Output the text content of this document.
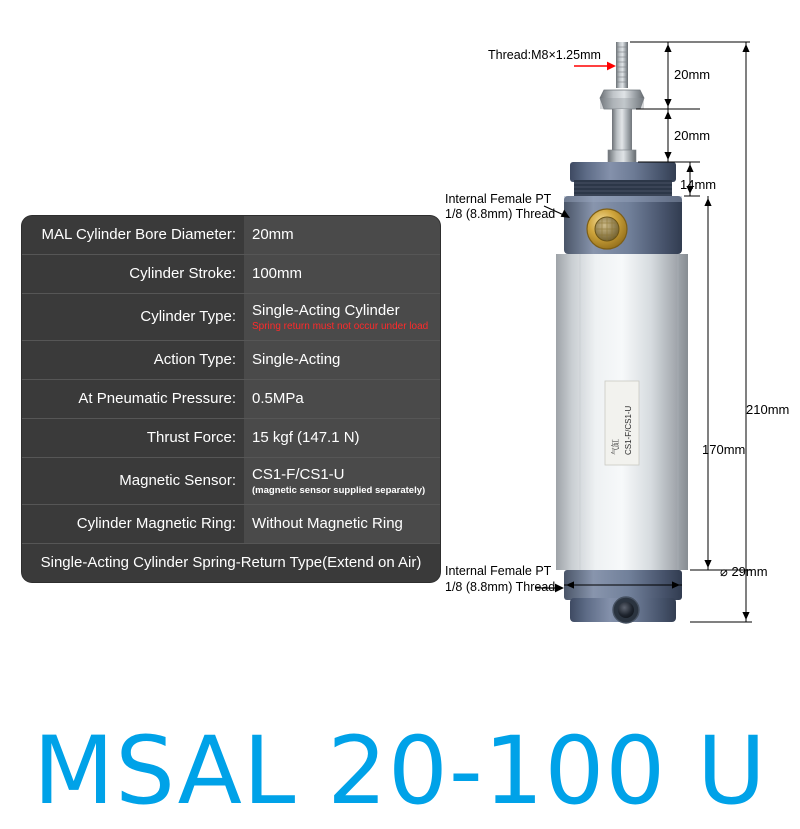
MAL Cylinder Bore Diameter:	20mm
Cylinder Stroke:	100mm
Cylinder Type:	Single-Acting Cylinder
Spring return must not occur under load
Action Type:	Single-Acting
At Pneumatic Pressure:	0.5MPa
Thrust Force:	15 kgf (147.1 N)
Magnetic Sensor:	CS1-F/CS1-U
(magnetic sensor supplied separately)
Cylinder Magnetic Ring:	Without Magnetic Ring
Single-Acting Cylinder Spring-Return Type(Extend on Air)
气缸 CS1-F/CS1-U
Thread:M8×1.25mm
Internal Female PT
1/8 (8.8mm) Thread
Internal Female PT
1/8 (8.8mm) Thread
20mm
20mm
14mm
170mm
210mm
⌀ 29mm
MSAL 20-100 U
